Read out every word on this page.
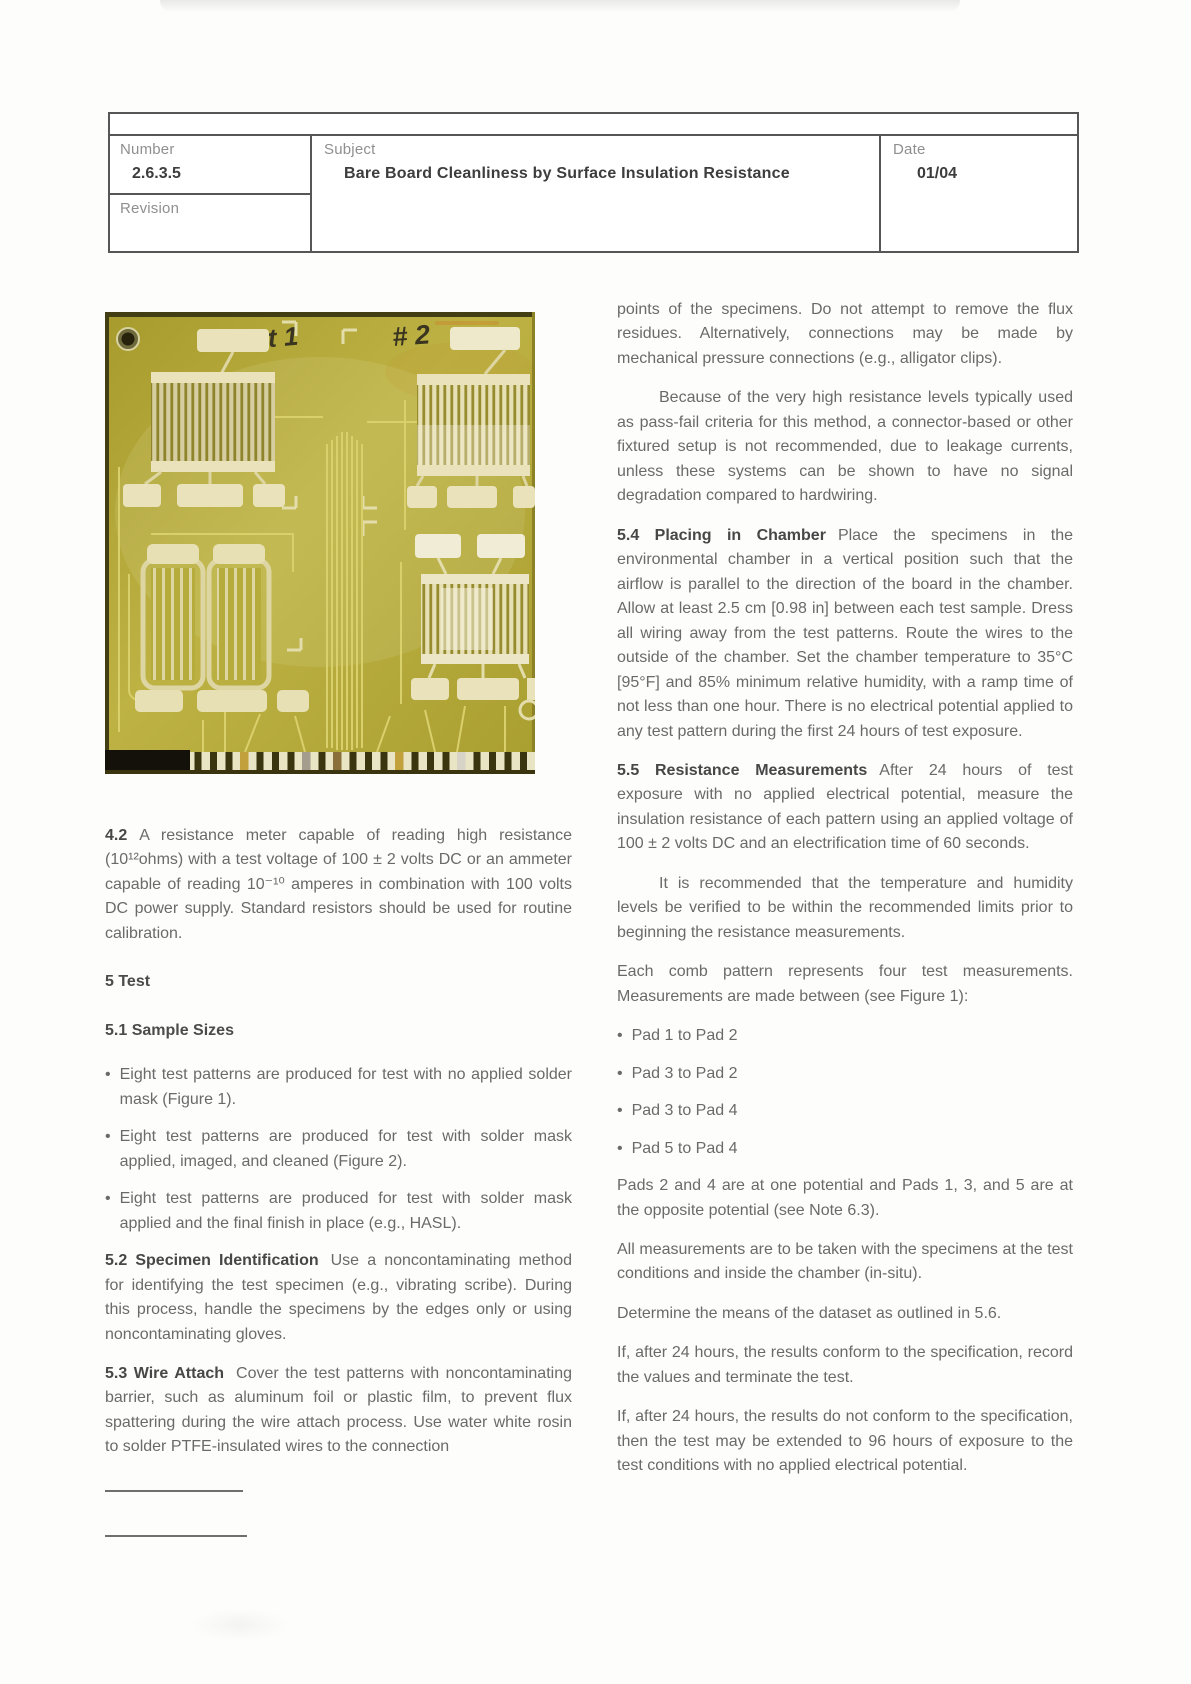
Number
2.6.3.5
Revision
Subject
Bare Board Cleanliness by Surface Insulation Resistance
Date
01/04
1	# 2

4.2 A resistance meter capable of reading high resistance (10¹²ohms) with a test voltage of 100 ± 2 volts DC or an ammeter capable of reading 10⁻¹⁰ amperes in combination with 100 volts DC power supply. Standard resistors should be used for routine calibration.

5 Test

5.1 Sample Sizes

• Eight test patterns are produced for test with no applied solder mask (Figure 1).

• Eight test patterns are produced for test with solder mask applied, imaged, and cleaned (Figure 2).

• Eight test patterns are produced for test with solder mask applied and the final finish in place (e.g., HASL).

5.2 Specimen Identification Use a noncontaminating method for identifying the test specimen (e.g., vibrating scribe). During this process, handle the specimens by the edges only or using noncontaminating gloves.

5.3 Wire Attach Cover the test patterns with noncontaminating barrier, such as aluminum foil or plastic film, to prevent flux spattering during the wire attach process. Use water white rosin to solder PTFE-insulated wires to the connection

points of the specimens. Do not attempt to remove the flux residues. Alternatively, connections may be made by mechanical pressure connections (e.g., alligator clips).

Because of the very high resistance levels typically used as pass-fail criteria for this method, a connector-based or other fixtured setup is not recommended, due to leakage currents, unless these systems can be shown to have no signal degradation compared to hardwiring.

5.4 Placing in Chamber Place the specimens in the environmental chamber in a vertical position such that the airflow is parallel to the direction of the board in the chamber. Allow at least 2.5 cm [0.98 in] between each test sample. Dress all wiring away from the test patterns. Route the wires to the outside of the chamber. Set the chamber temperature to 35°C [95°F] and 85% minimum relative humidity, with a ramp time of not less than one hour. There is no electrical potential applied to any test pattern during the first 24 hours of test exposure.

5.5 Resistance Measurements After 24 hours of test exposure with no applied electrical potential, measure the insulation resistance of each pattern using an applied voltage of 100 ± 2 volts DC and an electrification time of 60 seconds.

It is recommended that the temperature and humidity levels be verified to be within the recommended limits prior to beginning the resistance measurements.

Each comb pattern represents four test measurements. Measurements are made between (see Figure 1):

• Pad 1 to Pad 2

• Pad 3 to Pad 2

• Pad 3 to Pad 4

• Pad 5 to Pad 4

Pads 2 and 4 are at one potential and Pads 1, 3, and 5 are at the opposite potential (see Note 6.3).

All measurements are to be taken with the specimens at the test conditions and inside the chamber (in-situ).

Determine the means of the dataset as outlined in 5.6.

If, after 24 hours, the results conform to the specification, record the values and terminate the test.

If, after 24 hours, the results do not conform to the specification, then the test may be extended to 96 hours of exposure to the test conditions with no applied electrical potential.
